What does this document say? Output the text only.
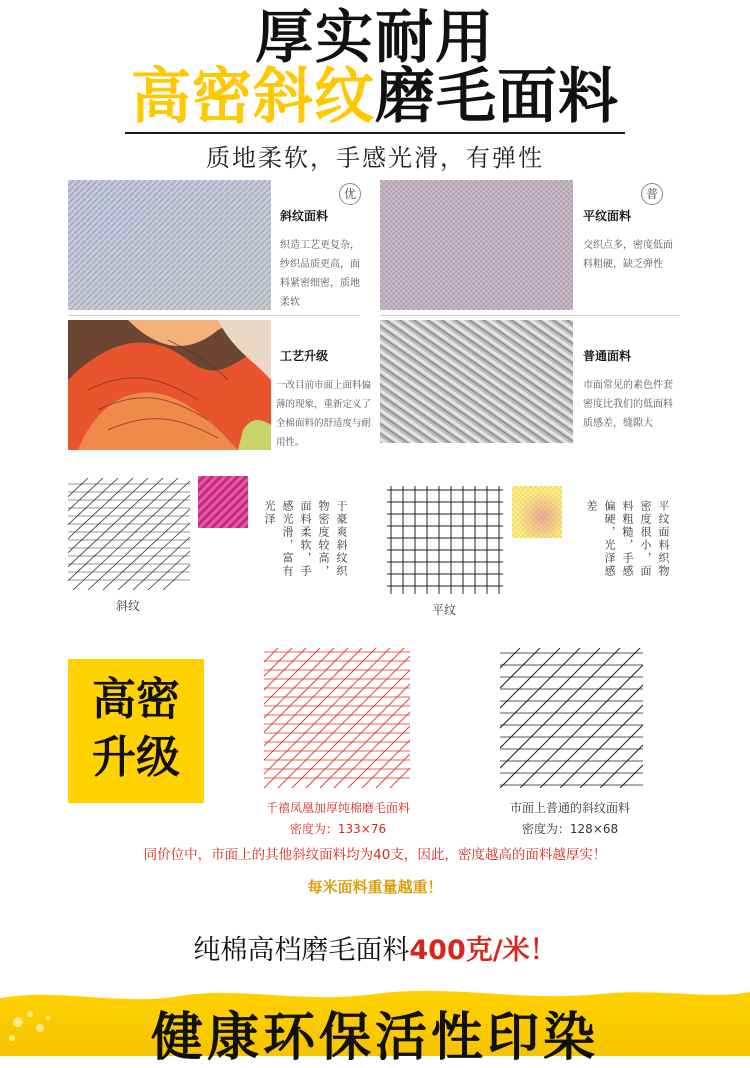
厚实耐用
高密斜纹磨毛面料
质地柔软，手感光滑，有弹性
优
斜纹面料
织造工艺更复杂，纱织品质更高，面料紧密细密，质地柔软
普
平纹面料
交织点多，密度低面料粗硬，缺乏弹性
工艺升级
一改目前市面上面料偏薄的现象，重新定义了全棉面料的舒适度与耐用性。
普通面料
市面常见的素色件套密度比我们的低面料质感差，缝隙大
于豪爽斜纹织
物密度较高，
面料柔软，手
感光滑，富有
光泽
斜纹
平纹面料织物
密度很小，面
料粗糙，手感
偏硬，光泽感
差
平纹
高密
升级
千禧凤凰加厚纯棉磨毛面料
密度为：133×76
市面上普通的斜纹面料
密度为：128×68
同价位中，市面上的其他斜纹面料均为40支，因此，密度越高的面料越厚实！
每米面料重量越重！
纯棉高档磨毛面料400克/米！
健康环保活性印染
